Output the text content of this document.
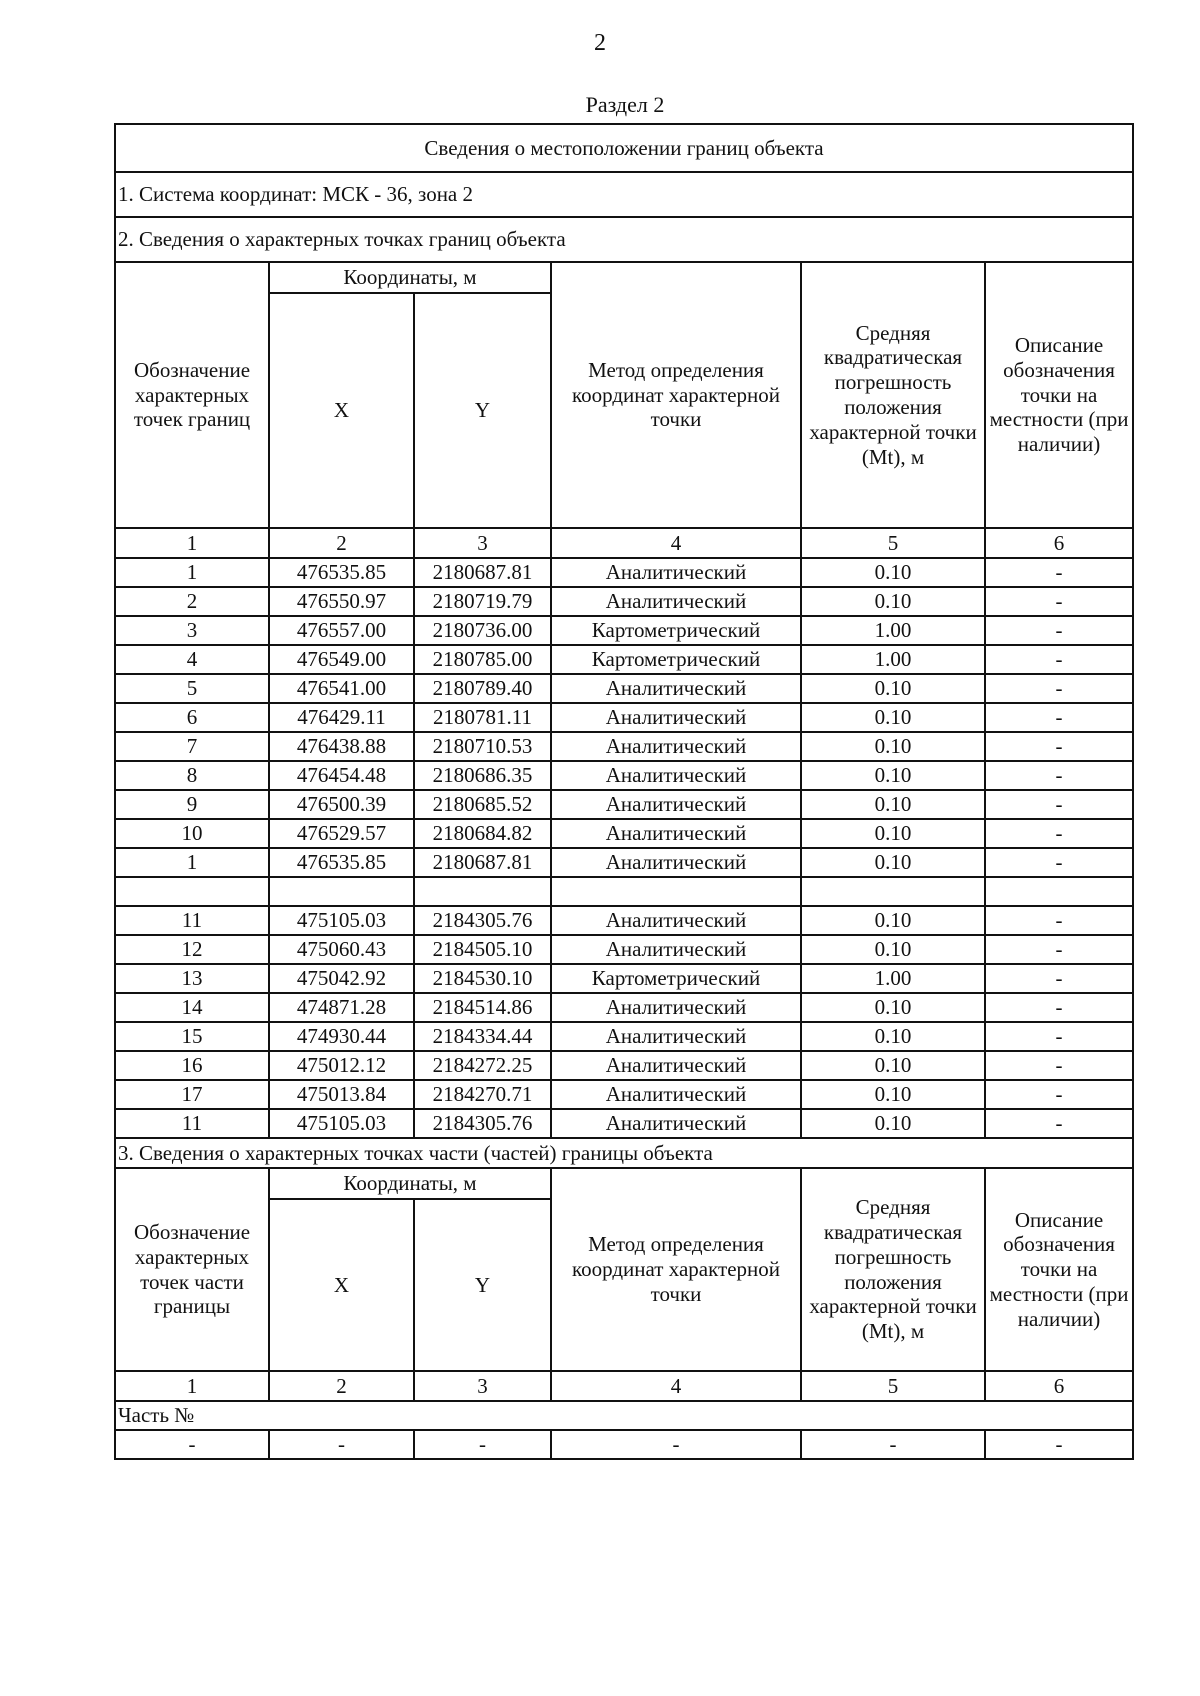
2
Раздел 2
Сведения о местоположении границ объекта					
1. Система координат: МСК - 36, зона 2					
2. Сведения о характерных точках границ объекта					
Обозначение характерных точек границ	Координаты, м		Метод определения координат характерной точки	Средняя квадратическая погрешность положения характерной точки (Mt), м	Описание обозначения точки на местности (при наличии)
	X	Y			
1	2	3	4	5	6
1	476535.85	2180687.81	Аналитический	0.10	-
2	476550.97	2180719.79	Аналитический	0.10	-
3	476557.00	2180736.00	Картометрический	1.00	-
4	476549.00	2180785.00	Картометрический	1.00	-
5	476541.00	2180789.40	Аналитический	0.10	-
6	476429.11	2180781.11	Аналитический	0.10	-
7	476438.88	2180710.53	Аналитический	0.10	-
8	476454.48	2180686.35	Аналитический	0.10	-
9	476500.39	2180685.52	Аналитический	0.10	-
10	476529.57	2180684.82	Аналитический	0.10	-
1	476535.85	2180687.81	Аналитический	0.10	-

11	475105.03	2184305.76	Аналитический	0.10	-
12	475060.43	2184505.10	Аналитический	0.10	-
13	475042.92	2184530.10	Картометрический	1.00	-
14	474871.28	2184514.86	Аналитический	0.10	-
15	474930.44	2184334.44	Аналитический	0.10	-
16	475012.12	2184272.25	Аналитический	0.10	-
17	475013.84	2184270.71	Аналитический	0.10	-
11	475105.03	2184305.76	Аналитический	0.10	-
3. Сведения о характерных точках части (частей) границы объекта					
Обозначение характерных точек части границы	Координаты, м		Метод определения координат характерной точки	Средняя квадратическая погрешность положения характерной точки (Mt), м	Описание обозначения точки на местности (при наличии)
	X	Y			
1	2	3	4	5	6
Часть №					
-	-	-	-	-	-
